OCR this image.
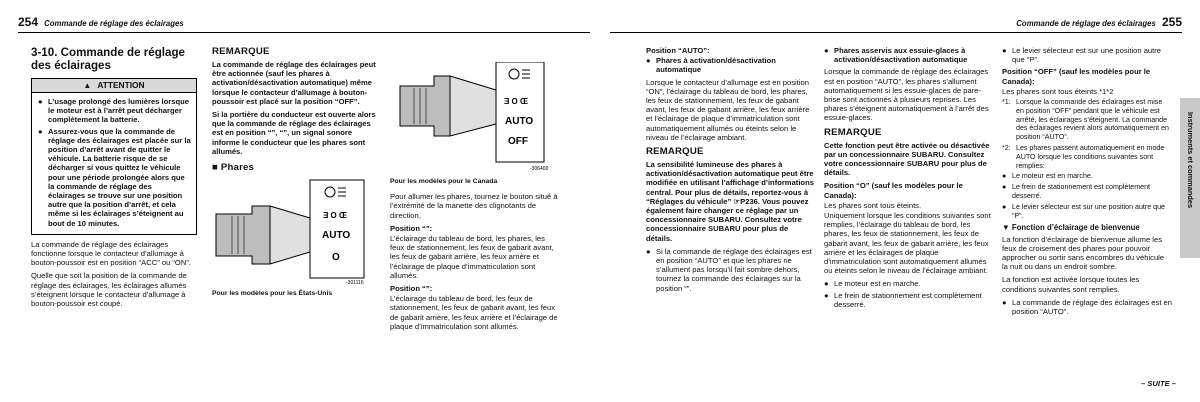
254 Commande de réglage des éclairages
3-10. Commande de réglage des éclairages
▲ ATTENTION
● L’usage prolongé des lumières lorsque le moteur est à l’arrêt peut décharger complètement la batterie.
● Assurez-vous que la commande de réglage des éclairages est placée sur la position d’arrêt avant de quitter le véhicule. La batterie risque de se décharger si vous quittez le véhicule pour une période prolongée alors que la commande de réglage des éclairages se trouve sur une position autre que la position d’arrêt, et cela même si les éclairages s’éteignent au bout de 10 minutes.

La commande de réglage des éclairages fonctionne lorsque le contacteur d’allumage à bouton-poussoir est en position “ACC” ou “ON”.

Quelle que soit la position de la commande de réglage des éclairages, les éclairages allumés s’éteignent lorsque le contacteur d’allumage à bouton-poussoir est coupé.

REMARQUE

La commande de réglage des éclairages peut être actionnée (sauf les phares à activation/désactivation automatique) même lorsque le contacteur d’allumage à bouton-poussoir est placé sur la position “OFF”.

Si la portière du conducteur est ouverte alors que la commande de réglage des éclairages est en position “”, “”, un signal sonore informe le conducteur que les phares sont allumés.

■ Phares
Ǝ O Œ
AUTO
O
-301116
Pour les modèles pour les États-Unis
Ǝ O Œ
AUTO
OFF
-306400
Pour les modèles pour le Canada

Pour allumer les phares, tournez le bouton situé à l’extrémité de la manette des clignotants de direction.

Position “”:

L’éclairage du tableau de bord, les phares, les feux de stationnement, les feux de gabarit avant, les feux de gabarit arrière, les feux arrière et l’éclairage de plaque d’immatriculation sont allumés.

Position “”:

L’éclairage du tableau de bord, les feux de stationnement, les feux de gabarit avant, les feux de gabarit arrière, les feux arrière et l’éclairage de plaque d’immatriculation sont allumés.

Commande de réglage des éclairages 255

Position “AUTO”:

● Phares à activation/désactivation automatique

Lorsque le contacteur d’allumage est en position “ON”, l’éclairage du tableau de bord, les phares, les feux de stationnement, les feux de gabarit avant, les feux de gabarit arrière, les feux arrière et l’éclairage de plaque d’immatriculation sont automatiquement allumés ou éteints selon le niveau de l’éclairage ambiant.

REMARQUE

La sensibilité lumineuse des phares à activation/désactivation automatique peut être modifiée en utilisant l’affichage d’informations central. Pour plus de détails, reportez-vous à “Réglages du véhicule” ☞P236. Vous pouvez également faire changer ce réglage par un concessionnaire SUBARU. Consultez votre concessionnaire SUBARU pour plus de détails.

● Si la commande de réglage des éclairages est en position “AUTO” et que les phares ne s’allument pas lorsqu’il fait sombre dehors, tournez la commande des éclairages sur la position “”.
● Phares asservis aux essuie-glaces à activation/désactivation automatique

Lorsque la commande de réglage des éclairages est en position “AUTO”, les phares s’allument automatiquement si les essuie-glaces de pare-brise sont actionnés à plusieurs reprises. Les phares s’éteignent automatiquement à l’arrêt des essuie-glaces.

REMARQUE

Cette fonction peut être activée ou désactivée par un concessionnaire SUBARU. Consultez votre concessionnaire SUBARU pour plus de détails.

Position “O” (sauf les modèles pour le Canada):

Les phares sont tous éteints.

Uniquement lorsque les conditions suivantes sont remplies, l’éclairage du tableau de bord, les phares, les feux de stationnement, les feux de gabarit avant, les feux de gabarit arrière, les feux arrière et les éclairages de plaque d’immatriculation sont automatiquement allumés ou éteints selon le niveau de l’éclairage ambiant.

● Le moteur est en marche.
● Le frein de stationnement est complètement desserré.
● Le levier sélecteur est sur une position autre que “P”.

Position “OFF” (sauf les modèles pour le Canada):

Les phares sont tous éteints.*1*2

*1: Lorsque la commande des éclairages est mise en position “OFF” pendant que le véhicule est arrêté, les éclairages s’éteignent. La commande des éclairages revient alors automatiquement en position “AUTO”.
*2: Les phares passent automatiquement en mode AUTO lorsque les conditions suivantes sont remplies:
● Le moteur est en marche.
● Le frein de stationnement est complètement desserré.
● Le levier sélecteur est sur une position autre que “P”.
▼ Fonction d’éclairage de bienvenue

La fonction d’éclairage de bienvenue allume les feux de croisement des phares pour pouvoir approcher ou sortir sans encombres du véhicule la nuit ou dans un endroit sombre.

La fonction est activée lorsque toutes les conditions suivantes sont remplies.

● La commande de réglage des éclairages est en position “AUTO”.
Instruments et commandes
– SUITE –
